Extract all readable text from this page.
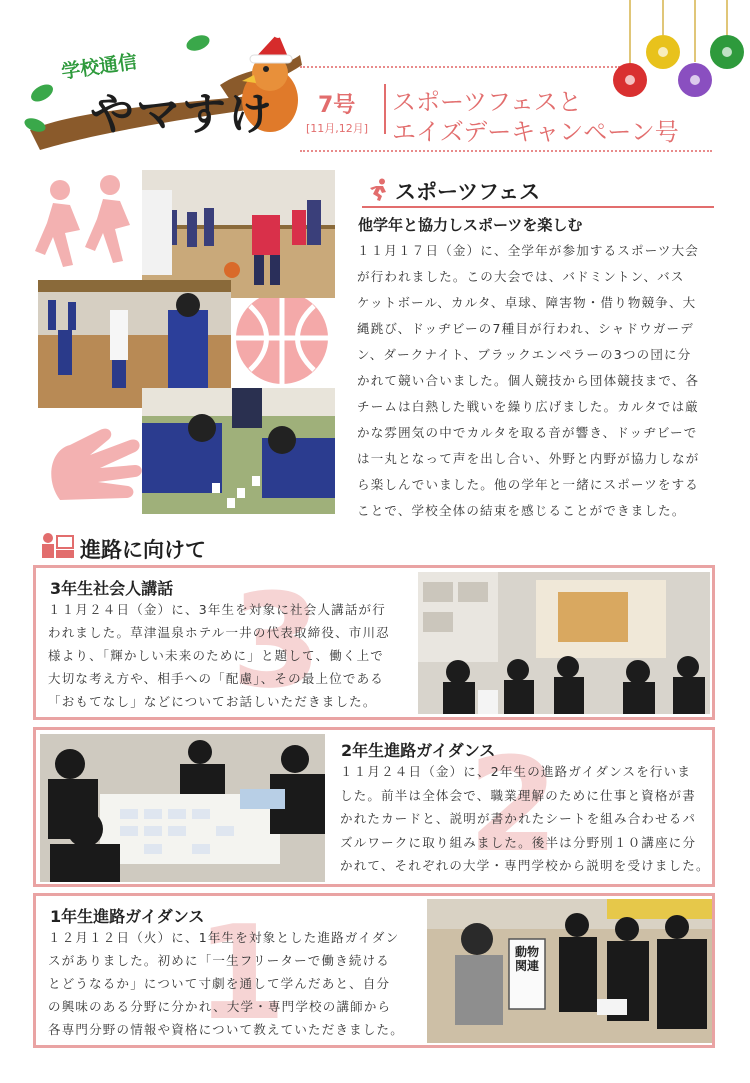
学校通信
やマすけ 7号
[11月,12月]
スポーツフェスと
エイズデーキャンペーン号
スポーツフェス
他学年と協力しスポーツを楽しむ
１１月１７日（金）に、全学年が参加するスポーツ大会
が行われました。この大会では、バドミントン、バス
ケットボール、カルタ、卓球、障害物・借り物競争、大
縄跳び、ドッヂビーの7種目が行われ、シャドウガーデ
ン、ダークナイト、ブラックエンペラーの3つの団に分
かれて競い合いました。個人競技から団体競技まで、各
チームは白熱した戦いを繰り広げました。カルタでは厳
かな雰囲気の中でカルタを取る音が響き、ドッヂビーで
は一丸となって声を出し合い、外野と内野が協力しなが
ら楽しんでいました。他の学年と一緒にスポーツをする
ことで、学校全体の結束を感じることができました。
進路に向けて
3
3年生社会人講話
１１月２４日（金）に、3年生を対象に社会人講話が行
われました。草津温泉ホテル一井の代表取締役、市川忍
様より、「輝かしい未来のために」と題して、働く上で
大切な考え方や、相手への「配慮」、その最上位である
「おもてなし」などについてお話しいただきました。
2
2年生進路ガイダンス
１１月２４日（金）に、2年生の進路ガイダンスを行いま
した。前半は全体会で、職業理解のために仕事と資格が書
かれたカードと、説明が書かれたシートを組み合わせるパ
ズルワークに取り組みました。後半は分野別１０講座に分
かれて、それぞれの大学・専門学校から説明を受けました。
1
1年生進路ガイダンス
１２月１２日（火）に、1年生を対象とした進路ガイダン
スがありました。初めに「一生フリーターで働き続ける
とどうなるか」について寸劇を通して学んだあと、自分
の興味のある分野に分かれ、大学・専門学校の講師から
各専門分野の情報や資格について教えていただきました。
動物関連
